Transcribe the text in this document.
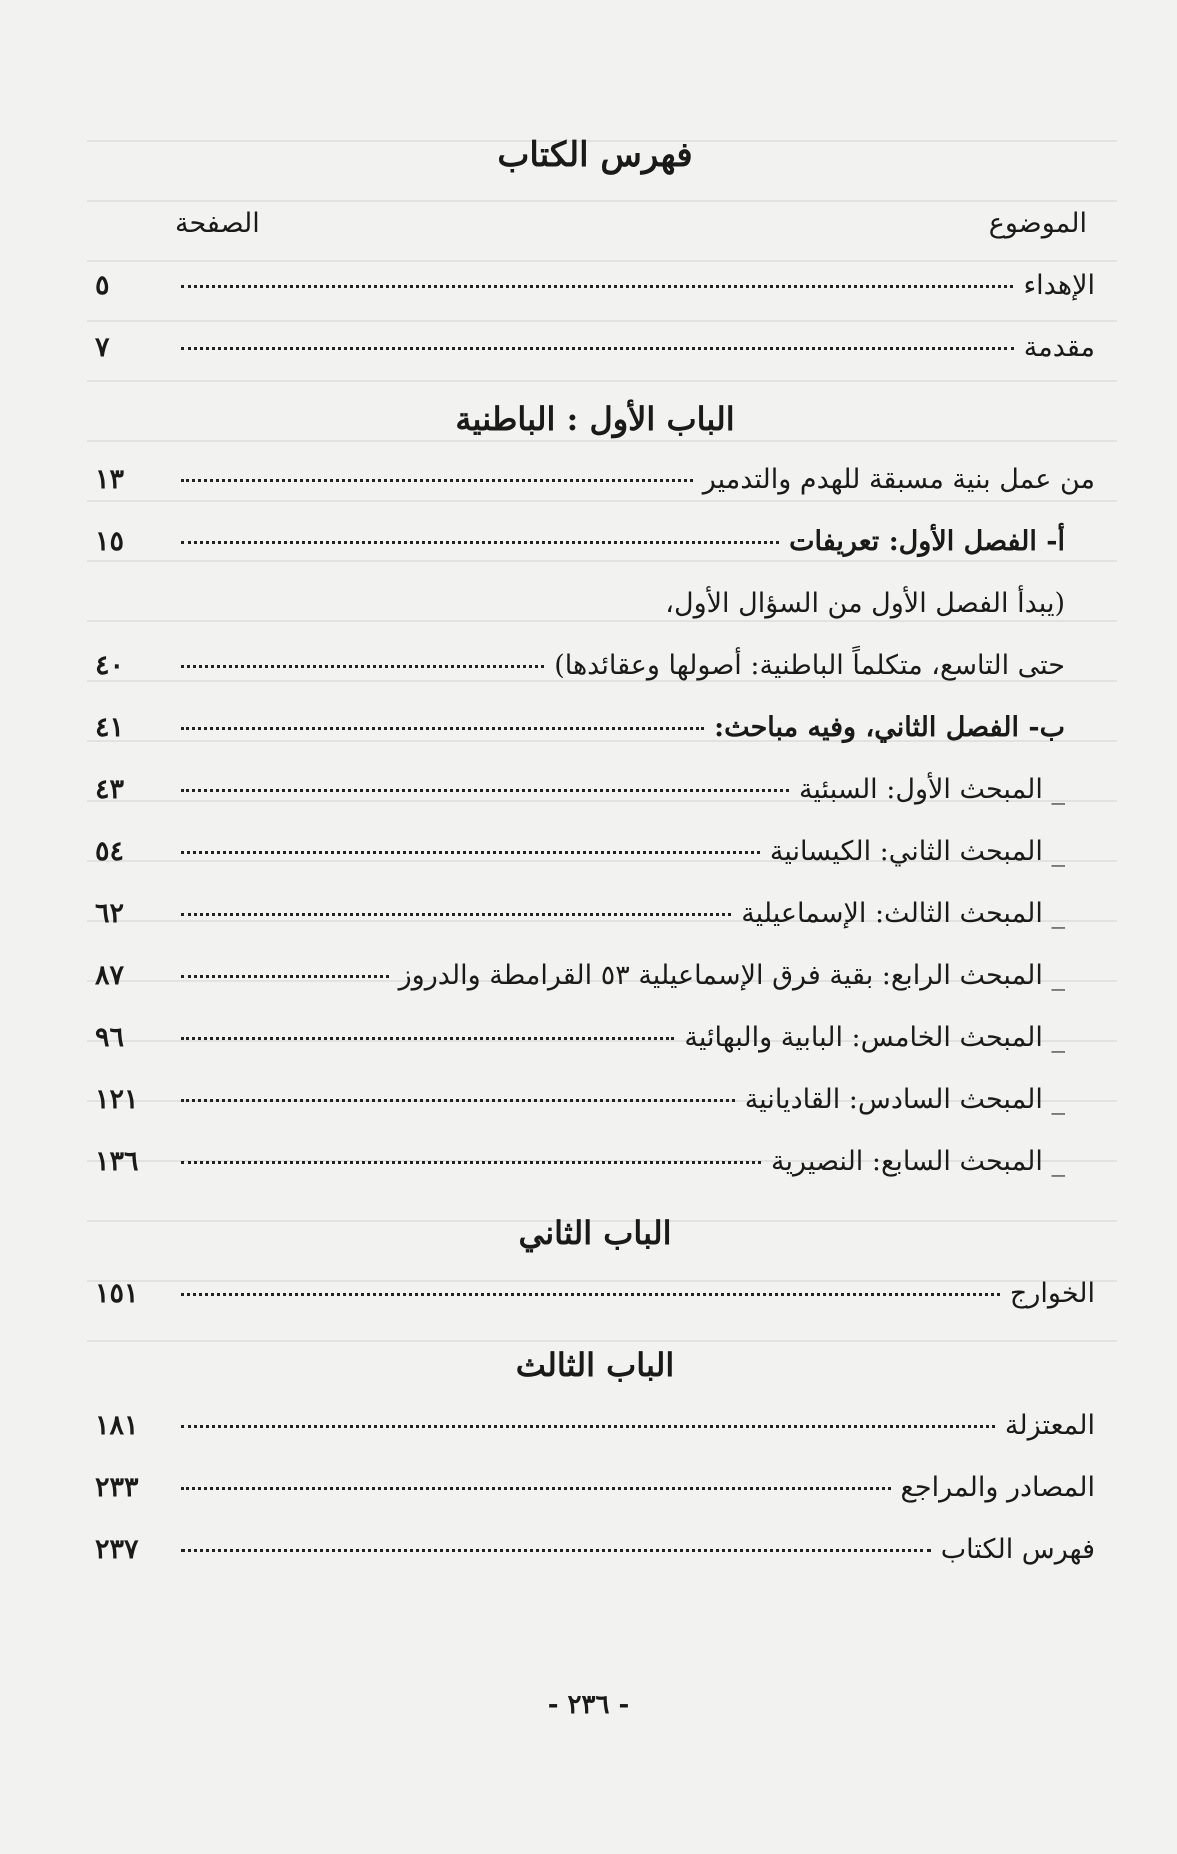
فهرس الكتاب
الموضوع
الصفحة
الإهداء
٥
مقدمة
٧
الباب الأول : الباطنية
من عمل بنية مسبقة للهدم والتدمير
١٣
أ- الفصل الأول: تعريفات
١٥
(يبدأ الفصل الأول من السؤال الأول،
حتى التاسع، متكلماً الباطنية: أصولها وعقائدها)
٤٠
ب- الفصل الثاني، وفيه مباحث:
٤١
_ المبحث الأول: السبئية
٤٣
_ المبحث الثاني: الكيسانية
٥٤
_ المبحث الثالث: الإسماعيلية
٦٢
_ المبحث الرابع: بقية فرق الإسماعيلية ٥٣ القرامطة والدروز
٨٧
_ المبحث الخامس: البابية والبهائية
٩٦
_ المبحث السادس: القاديانية
١٢١
_ المبحث السابع: النصيرية
١٣٦
الباب الثاني
الخوارج
١٥١
الباب الثالث
المعتزلة
١٨١
المصادر والمراجع
٢٣٣
فهرس الكتاب
٢٣٧
- ٢٣٦ -
